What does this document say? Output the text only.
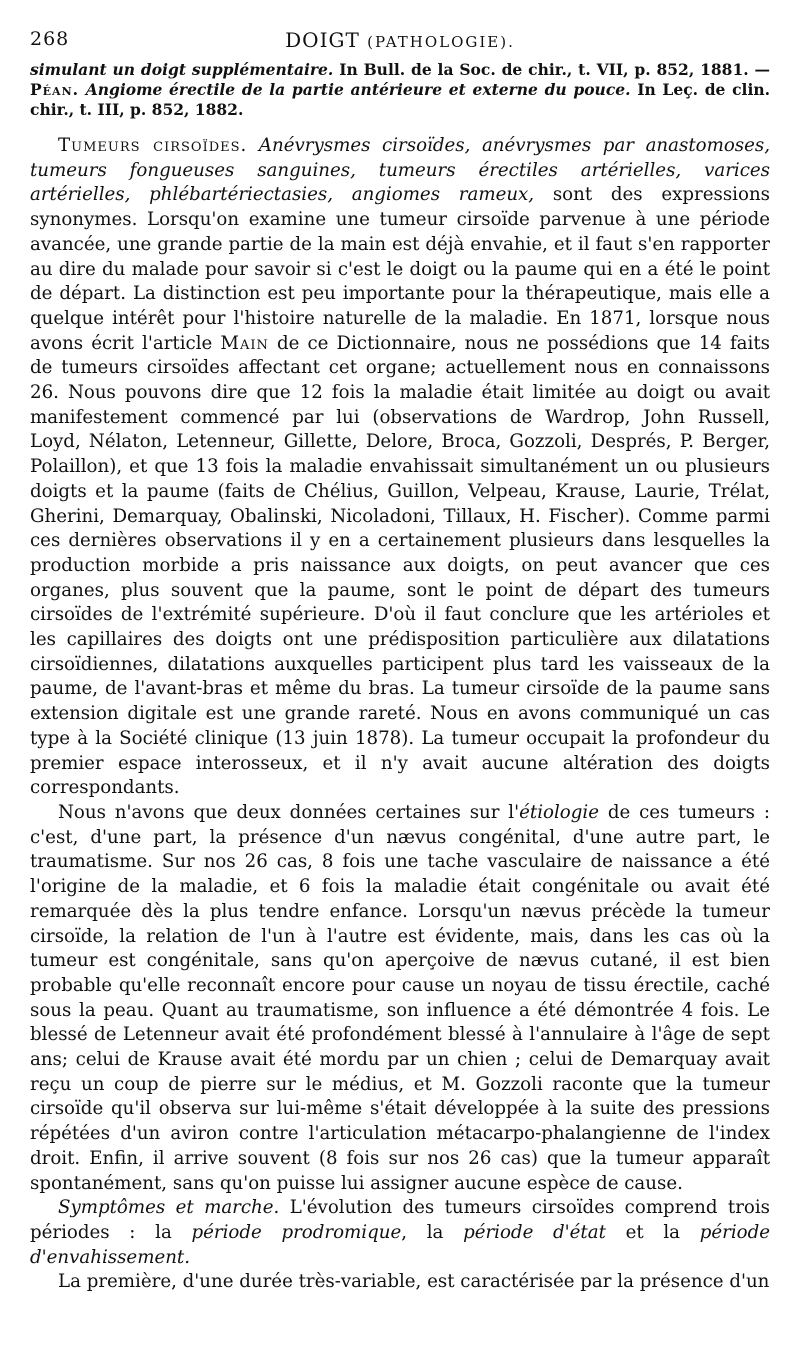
268	DOIGT (PATHOLOGIE).
simulant un doigt supplémentaire. In Bull. de la Soc. de chir., t. VII, p. 852, 1881. — Péan. Angiome érectile de la partie antérieure et externe du pouce. In Leç. de clin. chir., t. III, p. 852, 1882.

Tumeurs cirsoïdes. Anévrysmes cirsoïdes, anévrysmes par anastomoses, tumeurs fongueuses sanguines, tumeurs érectiles artérielles, varices artérielles, phlébartériectasies, angiomes rameux, sont des expressions synonymes. Lorsqu'on examine une tumeur cirsoïde parvenue à une période avancée, une grande partie de la main est déjà envahie, et il faut s'en rapporter au dire du malade pour savoir si c'est le doigt ou la paume qui en a été le point de départ. La distinction est peu importante pour la thérapeutique, mais elle a quelque intérêt pour l'histoire naturelle de la maladie. En 1871, lorsque nous avons écrit l'article Main de ce Dictionnaire, nous ne possédions que 14 faits de tumeurs cirsoïdes affectant cet organe; actuellement nous en connaissons 26. Nous pouvons dire que 12 fois la maladie était limitée au doigt ou avait manifestement commencé par lui (observations de Wardrop, John Russell, Loyd, Nélaton, Letenneur, Gillette, Delore, Broca, Gozzoli, Després, P. Berger, Polaillon), et que 13 fois la maladie envahissait simultanément un ou plusieurs doigts et la paume (faits de Chélius, Guillon, Velpeau, Krause, Laurie, Trélat, Gherini, Demarquay, Obalinski, Nicoladoni, Tillaux, H. Fischer). Comme parmi ces dernières observations il y en a certainement plusieurs dans lesquelles la production morbide a pris naissance aux doigts, on peut avancer que ces organes, plus souvent que la paume, sont le point de départ des tumeurs cirsoïdes de l'extrémité supérieure. D'où il faut conclure que les artérioles et les capillaires des doigts ont une prédisposition particulière aux dilatations cirsoïdiennes, dilatations auxquelles participent plus tard les vaisseaux de la paume, de l'avant-bras et même du bras. La tumeur cirsoïde de la paume sans extension digitale est une grande rareté. Nous en avons communiqué un cas type à la Société clinique (13 juin 1878). La tumeur occupait la profondeur du premier espace interosseux, et il n'y avait aucune altération des doigts correspondants.

Nous n'avons que deux données certaines sur l'étiologie de ces tumeurs : c'est, d'une part, la présence d'un nævus congénital, d'une autre part, le traumatisme. Sur nos 26 cas, 8 fois une tache vasculaire de naissance a été l'origine de la maladie, et 6 fois la maladie était congénitale ou avait été remarquée dès la plus tendre enfance. Lorsqu'un nævus précède la tumeur cirsoïde, la relation de l'un à l'autre est évidente, mais, dans les cas où la tumeur est congénitale, sans qu'on aperçoive de nævus cutané, il est bien probable qu'elle reconnaît encore pour cause un noyau de tissu érectile, caché sous la peau. Quant au traumatisme, son influence a été démontrée 4 fois. Le blessé de Letenneur avait été profondément blessé à l'annulaire à l'âge de sept ans; celui de Krause avait été mordu par un chien ; celui de Demarquay avait reçu un coup de pierre sur le médius, et M. Gozzoli raconte que la tumeur cirsoïde qu'il observa sur lui-même s'était développée à la suite des pressions répétées d'un aviron contre l'articulation métacarpo-phalangienne de l'index droit. Enfin, il arrive souvent (8 fois sur nos 26 cas) que la tumeur apparaît spontanément, sans qu'on puisse lui assigner aucune espèce de cause.

Symptômes et marche. L'évolution des tumeurs cirsoïdes comprend trois périodes : la période prodromique, la période d'état et la période d'envahissement.

La première, d'une durée très-variable, est caractérisée par la présence d'un
